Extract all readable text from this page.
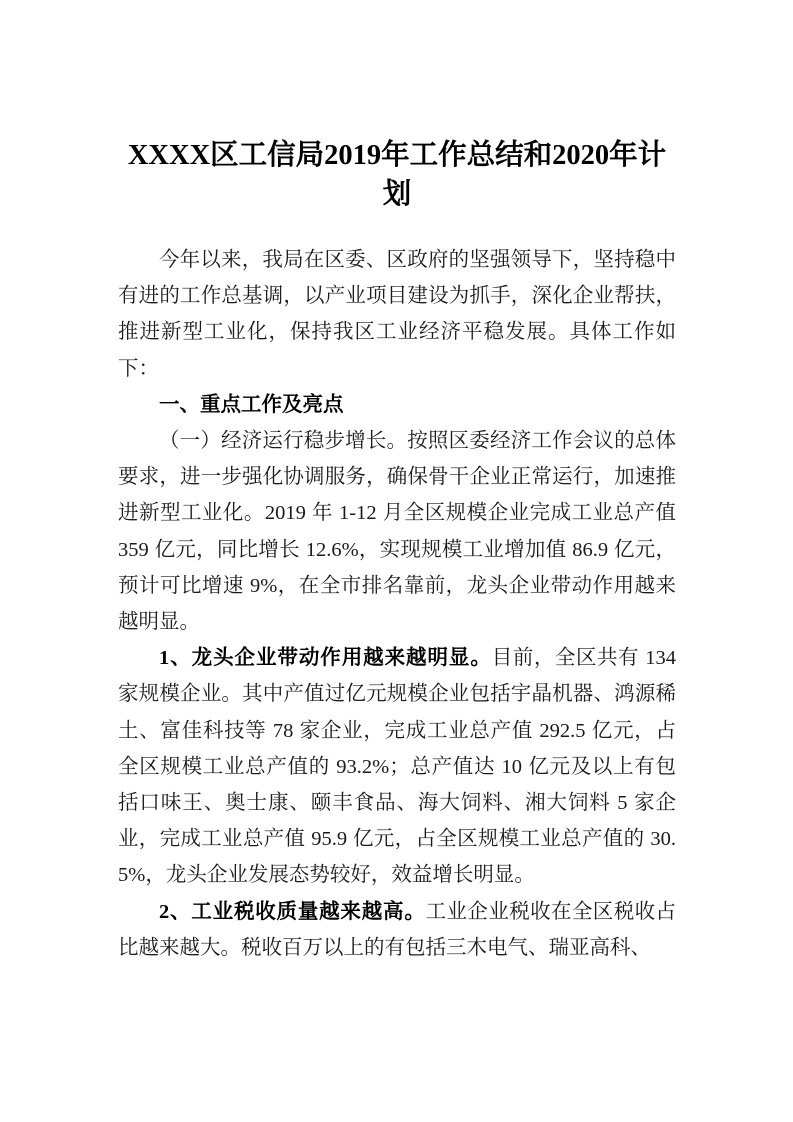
XXXX区工信局2019年工作总结和2020年计划

今年以来，我局在区委、区政府的坚强领导下，坚持稳中有进的工作总基调，以产业项目建设为抓手，深化企业帮扶，推进新型工业化，保持我区工业经济平稳发展。具体工作如下：

一、重点工作及亮点

（一）经济运行稳步增长。按照区委经济工作会议的总体要求，进一步强化协调服务，确保骨干企业正常运行，加速推进新型工业化。2019 年 1-12 月全区规模企业完成工业总产值 359 亿元，同比增长 12.6%，实现规模工业增加值 86.9 亿元，预计可比增速 9%，在全市排名靠前，龙头企业带动作用越来越明显。

1、龙头企业带动作用越来越明显。目前，全区共有 134 家规模企业。其中产值过亿元规模企业包括宇晶机器、鸿源稀土、富佳科技等 78 家企业，完成工业总产值 292.5 亿元，占全区规模工业总产值的 93.2%；总产值达 10 亿元及以上有包括口味王、奥士康、颐丰食品、海大饲料、湘大饲料 5 家企业，完成工业总产值 95.9 亿元，占全区规模工业总产值的 30.5%，龙头企业发展态势较好，效益增长明显。

2、工业税收质量越来越高。工业企业税收在全区税收占比越来越大。税收百万以上的有包括三木电气、瑞亚高科、
